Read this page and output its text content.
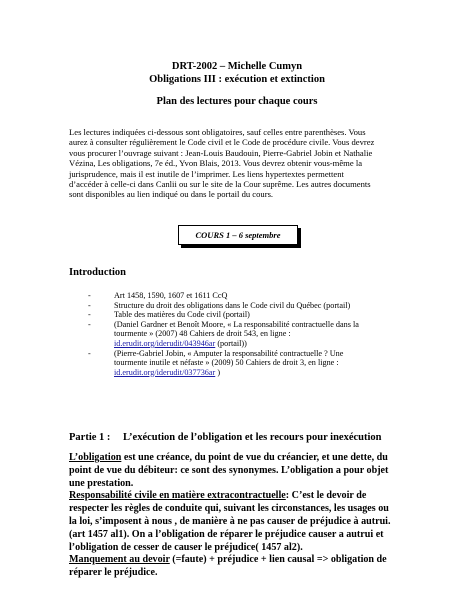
DRT-2002 – Michelle Cumyn
Obligations III : exécution et extinction
Plan des lectures pour chaque cours
Les lectures indiquées ci-dessous sont obligatoires, sauf celles entre parenthèses. Vous
aurez à consulter régulièrement le Code civil et le Code de procédure civile. Vous devrez
vous procurer l’ouvrage suivant : Jean-Louis Baudouin, Pierre-Gabriel Jobin et Nathalie
Vézina, Les obligations, 7e éd., Yvon Blais, 2013. Vous devrez obtenir vous-même la
jurisprudence, mais il est inutile de l’imprimer. Les liens hypertextes permettent
d’accéder à celle-ci dans Canlii ou sur le site de la Cour suprême. Les autres documents
sont disponibles au lien indiqué ou dans le portail du cours.
COURS 1 – 6 septembre
Introduction
-	Art 1458, 1590, 1607 et 1611 CcQ
-	Structure du droit des obligations dans le Code civil du Québec (portail)
-	Table des matières du Code civil (portail)
-	(Daniel Gardner et Benoît Moore, « La responsabilité contractuelle dans la
tourmente » (2007) 48 Cahiers de droit 543, en ligne :
id.erudit.org/iderudit/043946ar (portail))
-	(Pierre-Gabriel Jobin, « Amputer la responsabilité contractuelle ? Une
tourmente inutile et néfaste » (2009) 50 Cahiers de droit 3, en ligne :
id.erudit.org/iderudit/037736ar )
Partie 1 : L’exécution de l’obligation et les recours pour inexécution
L’obligation est une créance, du point de vue du créancier, et une dette, du
point de vue du débiteur: ce sont des synonymes. L’obligation a pour objet
une prestation.
Responsabilité civile en matière extracontractuelle: C’est le devoir de
respecter les règles de conduite qui, suivant les circonstances, les usages ou
la loi, s’imposent à nous , de manière à ne pas causer de préjudice à autrui.
(art 1457 al1). On a l’obligation de réparer le préjudice causer a autrui et
l’obligation de cesser de causer le préjudice( 1457 al2).
Manquement au devoir (=faute) + préjudice + lien causal => obligation de
réparer le préjudice.
